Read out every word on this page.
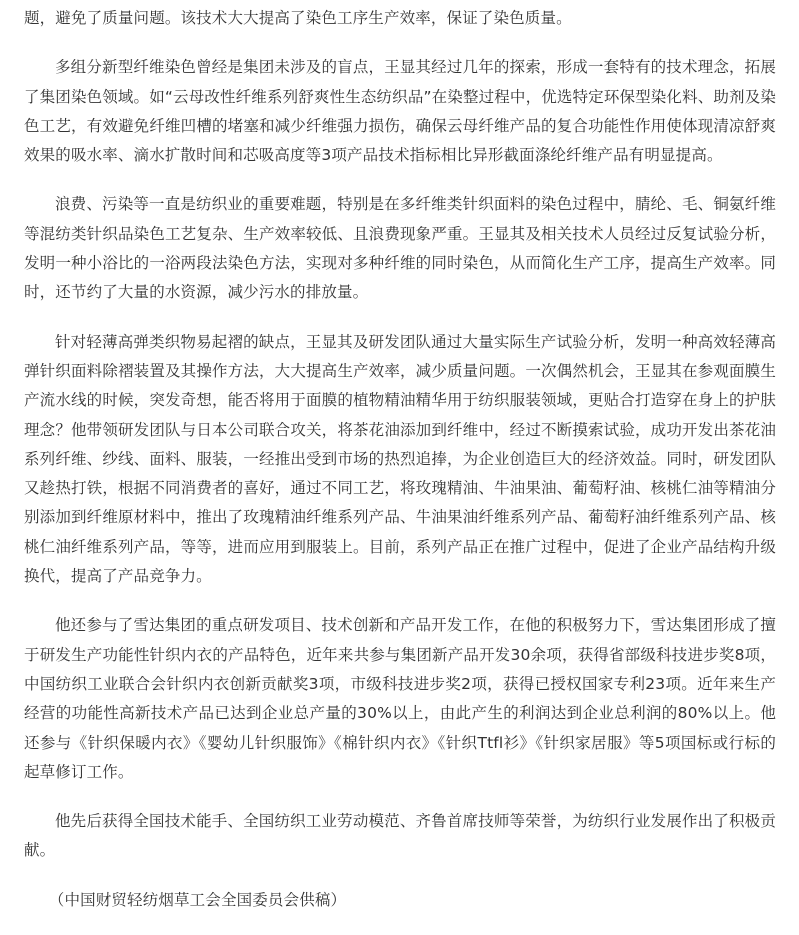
题，避免了质量问题。该技术大大提高了染色工序生产效率，保证了染色质量。

多组分新型纤维染色曾经是集团未涉及的盲点，王显其经过几年的探索，形成一套特有的技术理念，拓展了集团染色领域。如“云母改性纤维系列舒爽性生态纺织品”在染整过程中，优选特定环保型染化料、助剂及染色工艺，有效避免纤维凹槽的堵塞和减少纤维强力损伤，确保云母纤维产品的复合功能性作用使体现清凉舒爽效果的吸水率、滴水扩散时间和芯吸高度等3项产品技术指标相比异形截面涤纶纤维产品有明显提高。

浪费、污染等一直是纺织业的重要难题，特别是在多纤维类针织面料的染色过程中，腈纶、毛、铜氨纤维等混纺类针织品染色工艺复杂、生产效率较低、且浪费现象严重。王显其及相关技术人员经过反复试验分析，发明一种小浴比的一浴两段法染色方法，实现对多种纤维的同时染色，从而简化生产工序，提高生产效率。同时，还节约了大量的水资源，减少污水的排放量。

针对轻薄高弹类织物易起褶的缺点，王显其及研发团队通过大量实际生产试验分析，发明一种高效轻薄高弹针织面料除褶装置及其操作方法，大大提高生产效率，减少质量问题。一次偶然机会，王显其在参观面膜生产流水线的时候，突发奇想，能否将用于面膜的植物精油精华用于纺织服装领域，更贴合打造穿在身上的护肤理念？他带领研发团队与日本公司联合攻关，将茶花油添加到纤维中，经过不断摸索试验，成功开发出茶花油系列纤维、纱线、面料、服装，一经推出受到市场的热烈追捧，为企业创造巨大的经济效益。同时，研发团队又趁热打铁，根据不同消费者的喜好，通过不同工艺，将玫瑰精油、牛油果油、葡萄籽油、核桃仁油等精油分别添加到纤维原材料中，推出了玫瑰精油纤维系列产品、牛油果油纤维系列产品、葡萄籽油纤维系列产品、核桃仁油纤维系列产品，等等，进而应用到服装上。目前，系列产品正在推广过程中，促进了企业产品结构升级换代，提高了产品竞争力。

他还参与了雪达集团的重点研发项目、技术创新和产品开发工作，在他的积极努力下，雪达集团形成了擅于研发生产功能性针织内衣的产品特色，近年来共参与集团新产品开发30余项，获得省部级科技进步奖8项，中国纺织工业联合会针织内衣创新贡献奖3项，市级科技进步奖2项，获得已授权国家专利23项。近年来生产经营的功能性高新技术产品已达到企业总产量的30%以上，由此产生的利润达到企业总利润的80%以上。他还参与《针织保暖内衣》《婴幼儿针织服饰》《棉针织内衣》《针织Ttfl衫》《针织家居服》等5项国标或行标的起草修订工作。

他先后获得全国技术能手、全国纺织工业劳动模范、齐鲁首席技师等荣誉，为纺织行业发展作出了积极贡献。

（中国财贸轻纺烟草工会全国委员会供稿）
